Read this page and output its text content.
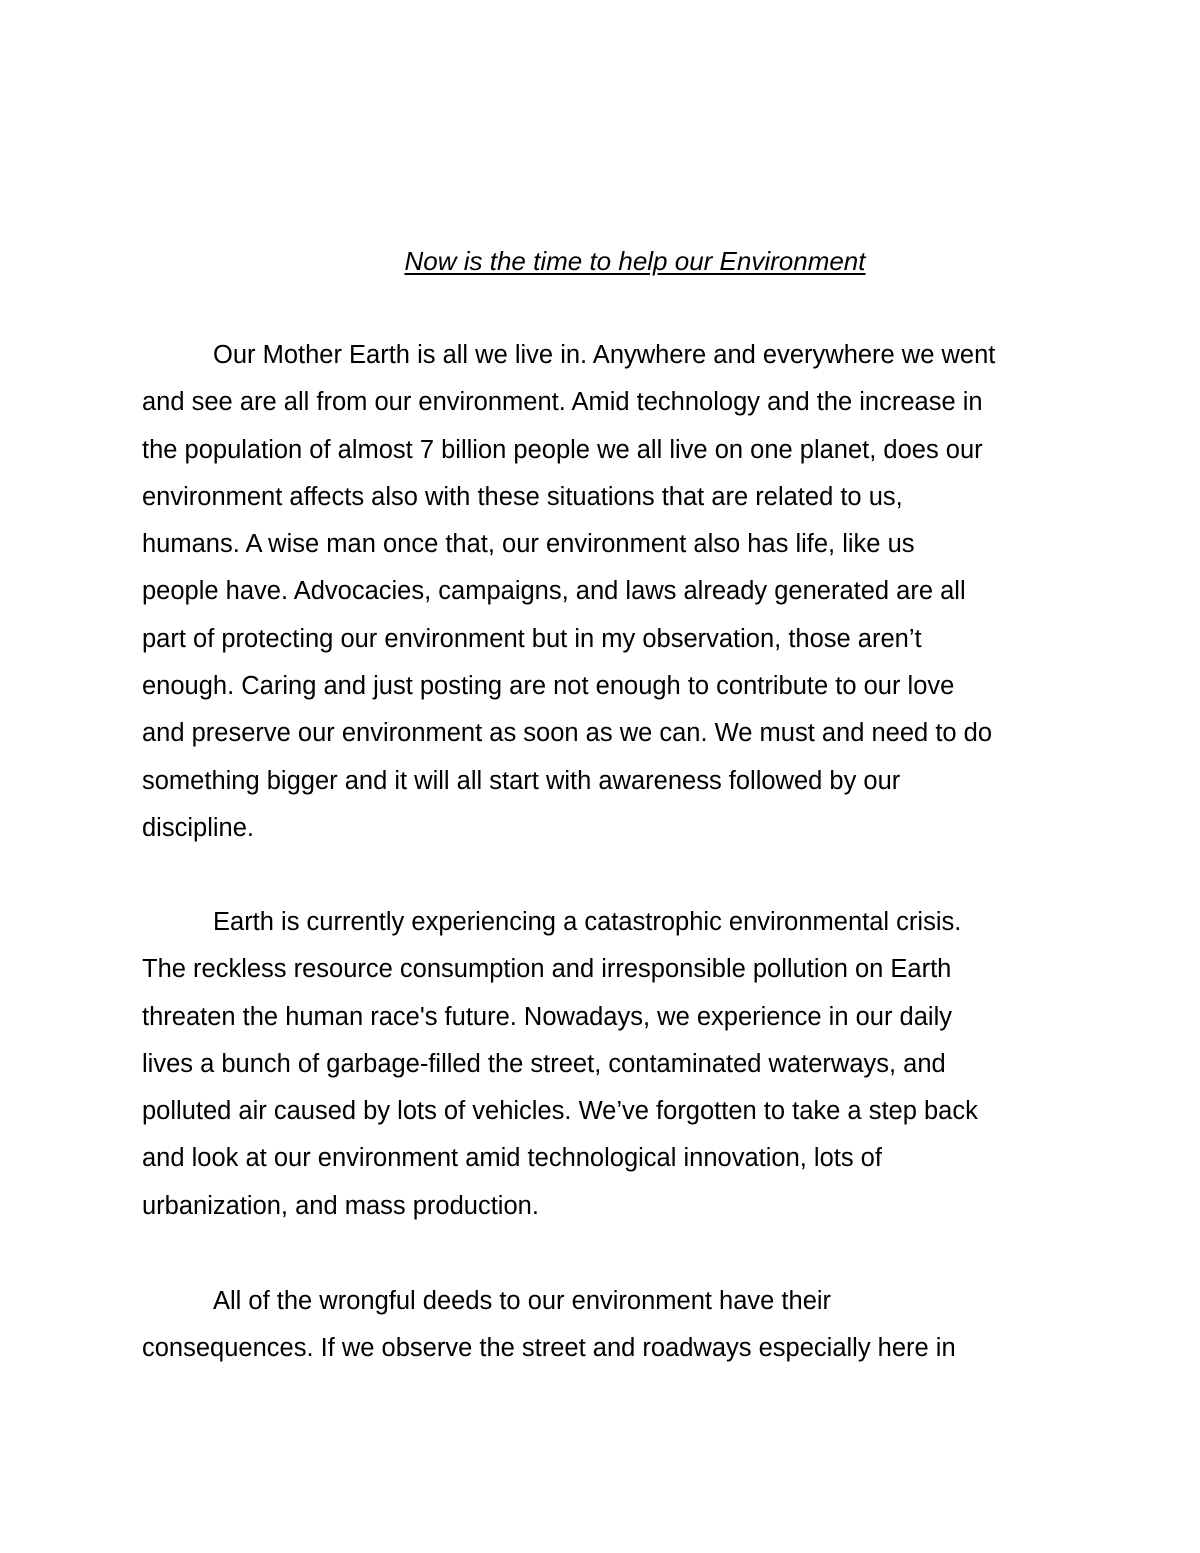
Now is the time to help our Environment
Our Mother Earth is all we live in. Anywhere and everywhere we went
and see are all from our environment. Amid technology and the increase in
the population of almost 7 billion people we all live on one planet, does our
environment affects also with these situations that are related to us,
humans. A wise man once that, our environment also has life, like us
people have. Advocacies, campaigns, and laws already generated are all
part of protecting our environment but in my observation, those aren’t
enough. Caring and just posting are not enough to contribute to our love
and preserve our environment as soon as we can. We must and need to do
something bigger and it will all start with awareness followed by our
discipline.
Earth is currently experiencing a catastrophic environmental crisis.
The reckless resource consumption and irresponsible pollution on Earth
threaten the human race's future. Nowadays, we experience in our daily
lives a bunch of garbage-filled the street, contaminated waterways, and
polluted air caused by lots of vehicles. We’ve forgotten to take a step back
and look at our environment amid technological innovation, lots of
urbanization, and mass production.
All of the wrongful deeds to our environment have their
consequences. If we observe the street and roadways especially here in
